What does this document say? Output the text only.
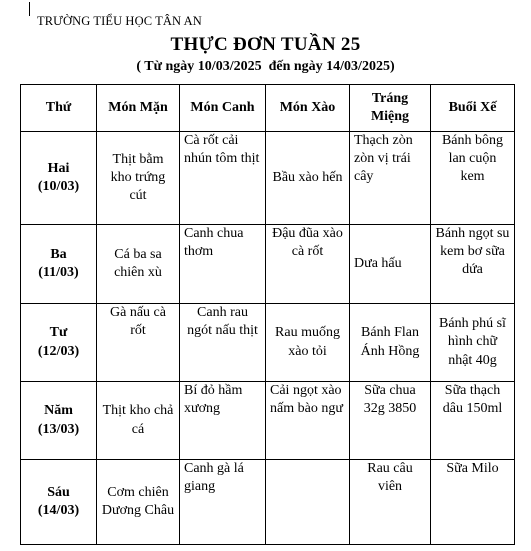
TRƯỜNG TIỂU HỌC TÂN AN
THỰC ĐƠN TUẦN 25
( Từ ngày 10/03/2025  đến ngày 14/03/2025)
Thứ	Món Mặn	Món Canh	Món Xào	Tráng Miệng	Buổi Xế

Hai
(10/03)	Thịt bằm kho trứng cút	Cà rốt cải nhún tôm thịt	Bầu xào hến	Thạch zòn zòn vị trái cây	Bánh bông lan cuộn kem

Ba
(11/03)	Cá ba sa chiên xù	Canh chua thơm	Đậu đũa xào cà rốt	Dưa hấu	Bánh ngọt su kem bơ sữa dứa

Tư
(12/03)	Gà nấu cà rốt	Canh rau ngót nấu thịt	Rau muống xào tỏi	Bánh Flan Ánh Hồng	Bánh phú sĩ hình chữ nhật 40g

Năm
(13/03)	Thịt kho chả cá	Bí đỏ hầm xương	Cải ngọt xào nấm bào ngư	Sữa chua 32g 3850	Sữa thạch dâu 150ml

Sáu
(14/03)	Cơm chiên Dương Châu	Canh gà lá giang		Rau câu viên	Sữa Milo
